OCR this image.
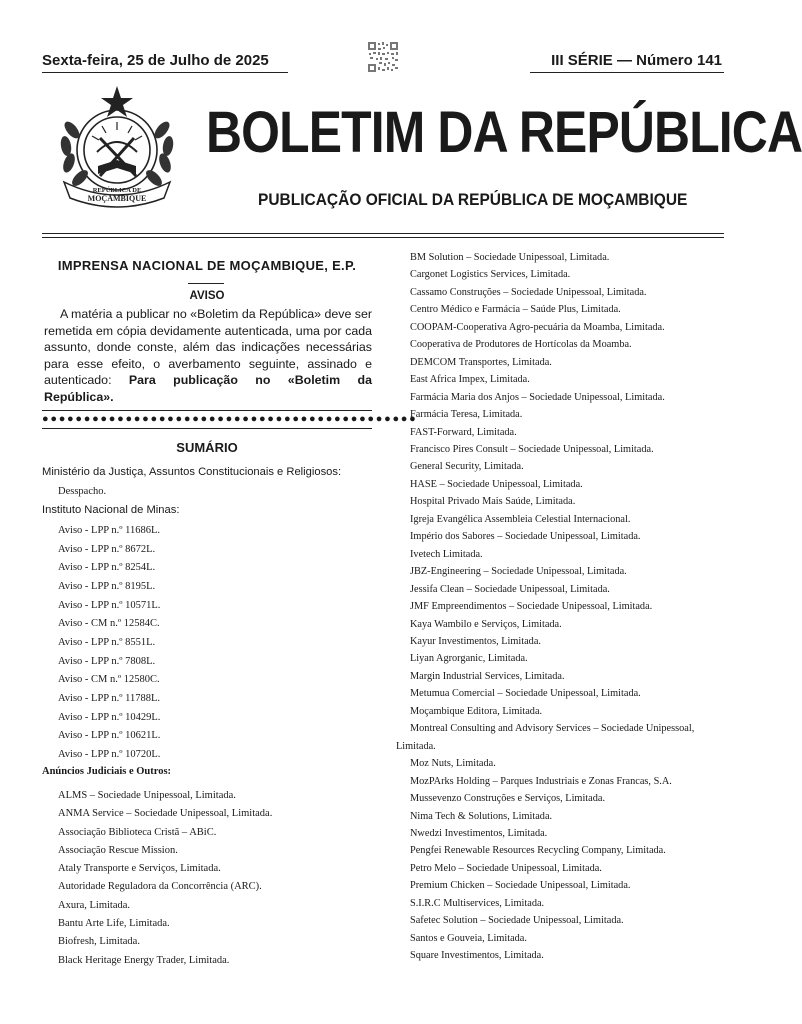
Sexta-feira, 25 de Julho de 2025	III SÉRIE — Número 141
REPÚBLICA DE
MOÇAMBIQUE
BOLETIM DA REPÚBLICA
PUBLICAÇÃO OFICIAL DA REPÚBLICA DE MOÇAMBIQUE
IMPRENSA NACIONAL DE MOÇAMBIQUE, E.P.
AVISO
A matéria a publicar no «Boletim da República» deve ser remetida em cópia devidamente autenticada, uma por cada assunto, donde conste, além das indicações necessárias para esse efeito, o averbamento seguinte, assinado e autenticado: Para publicação no «Boletim da República».
●●●●●●●●●●●●●●●●●●●●●●●●●●●●●●●●●●●●●●●●●●●●●
SUMÁRIO
Ministério da Justiça, Assuntos Constitucionais e Religiosos:
Desspacho.
Instituto Nacional de Minas:
Aviso - LPP n.º 11686L.
Aviso - LPP n.º 8672L.
Aviso - LPP n.º 8254L.
Aviso - LPP n.º 8195L.
Aviso - LPP n.º 10571L.
Aviso - CM n.º 12584C.
Aviso - LPP n.º 8551L.
Aviso - LPP n.º 7808L.
Aviso - CM n.º 12580C.
Aviso - LPP n.º 11788L.
Aviso - LPP n.º 10429L.
Aviso - LPP n.º 10621L.
Aviso - LPP n.º 10720L.
Anúncios Judiciais e Outros:
ALMS – Sociedade Unipessoal, Limitada.
ANMA Service – Sociedade Unipessoal, Limitada.
Associação Biblioteca Cristã – ABiC.
Associação Rescue Mission.
Ataly Transporte e Serviços, Limitada.
Autoridade Reguladora da Concorrência (ARC).
Axura, Limitada.
Bantu Arte Life, Limitada.
Biofresh, Limitada.
Black Heritage Energy Trader, Limitada.
BM Solution – Sociedade Unipessoal, Limitada.
Cargonet Logistics Services, Limitada.
Cassamo Construções – Sociedade Unipessoal, Limitada.
Centro Médico e Farmácia – Saúde Plus, Limitada.
COOPAM-Cooperativa Agro-pecuária da Moamba, Limitada.
Cooperativa de Produtores de Hortícolas da Moamba.
DEMCOM Transportes, Limitada.
East Africa Impex, Limitada.
Farmácia Maria dos Anjos – Sociedade Unipessoal, Limitada.
Farmácia Teresa, Limitada.
FAST-Forward, Limitada.
Francisco Pires Consult – Sociedade Unipessoal, Limitada.
General Security, Limitada.
HASE – Sociedade Unipessoal, Limitada.
Hospital Privado Mais Saúde, Limitada.
Igreja Evangélica Assembleia Celestial Internacional.
Império dos Sabores – Sociedade Unipessoal, Limitada.
Ivetech Limitada.
JBZ-Engineering – Sociedade Unipessoal, Limitada.
Jessifa Clean – Sociedade Unipessoal, Limitada.
JMF Empreendimentos – Sociedade Unipessoal, Limitada.
Kaya Wambilo e Serviços, Limitada.
Kayur Investimentos, Limitada.
Liyan Agrorganic, Limitada.
Margin Industrial Services, Limitada.
Metumua Comercial – Sociedade Unipessoal, Limitada.
Moçambique Editora, Limitada.
Montreal Consulting and Advisory Services – Sociedade Unipessoal,
Limitada.
Moz Nuts, Limitada.
MozPArks Holding – Parques Industriais e Zonas Francas, S.A.
Mussevenzo Construções e Serviços, Limitada.
Nima Tech & Solutions, Limitada.
Nwedzi Investimentos, Limitada.
Pengfei Renewable Resources Recycling Company, Limitada.
Petro Melo – Sociedade Unipessoal, Limitada.
Premium Chicken – Sociedade Unipessoal, Limitada.
S.I.R.C Multiservices, Limitada.
Safetec Solution – Sociedade Unipessoal, Limitada.
Santos e Gouveia, Limitada.
Square Investimentos, Limitada.
